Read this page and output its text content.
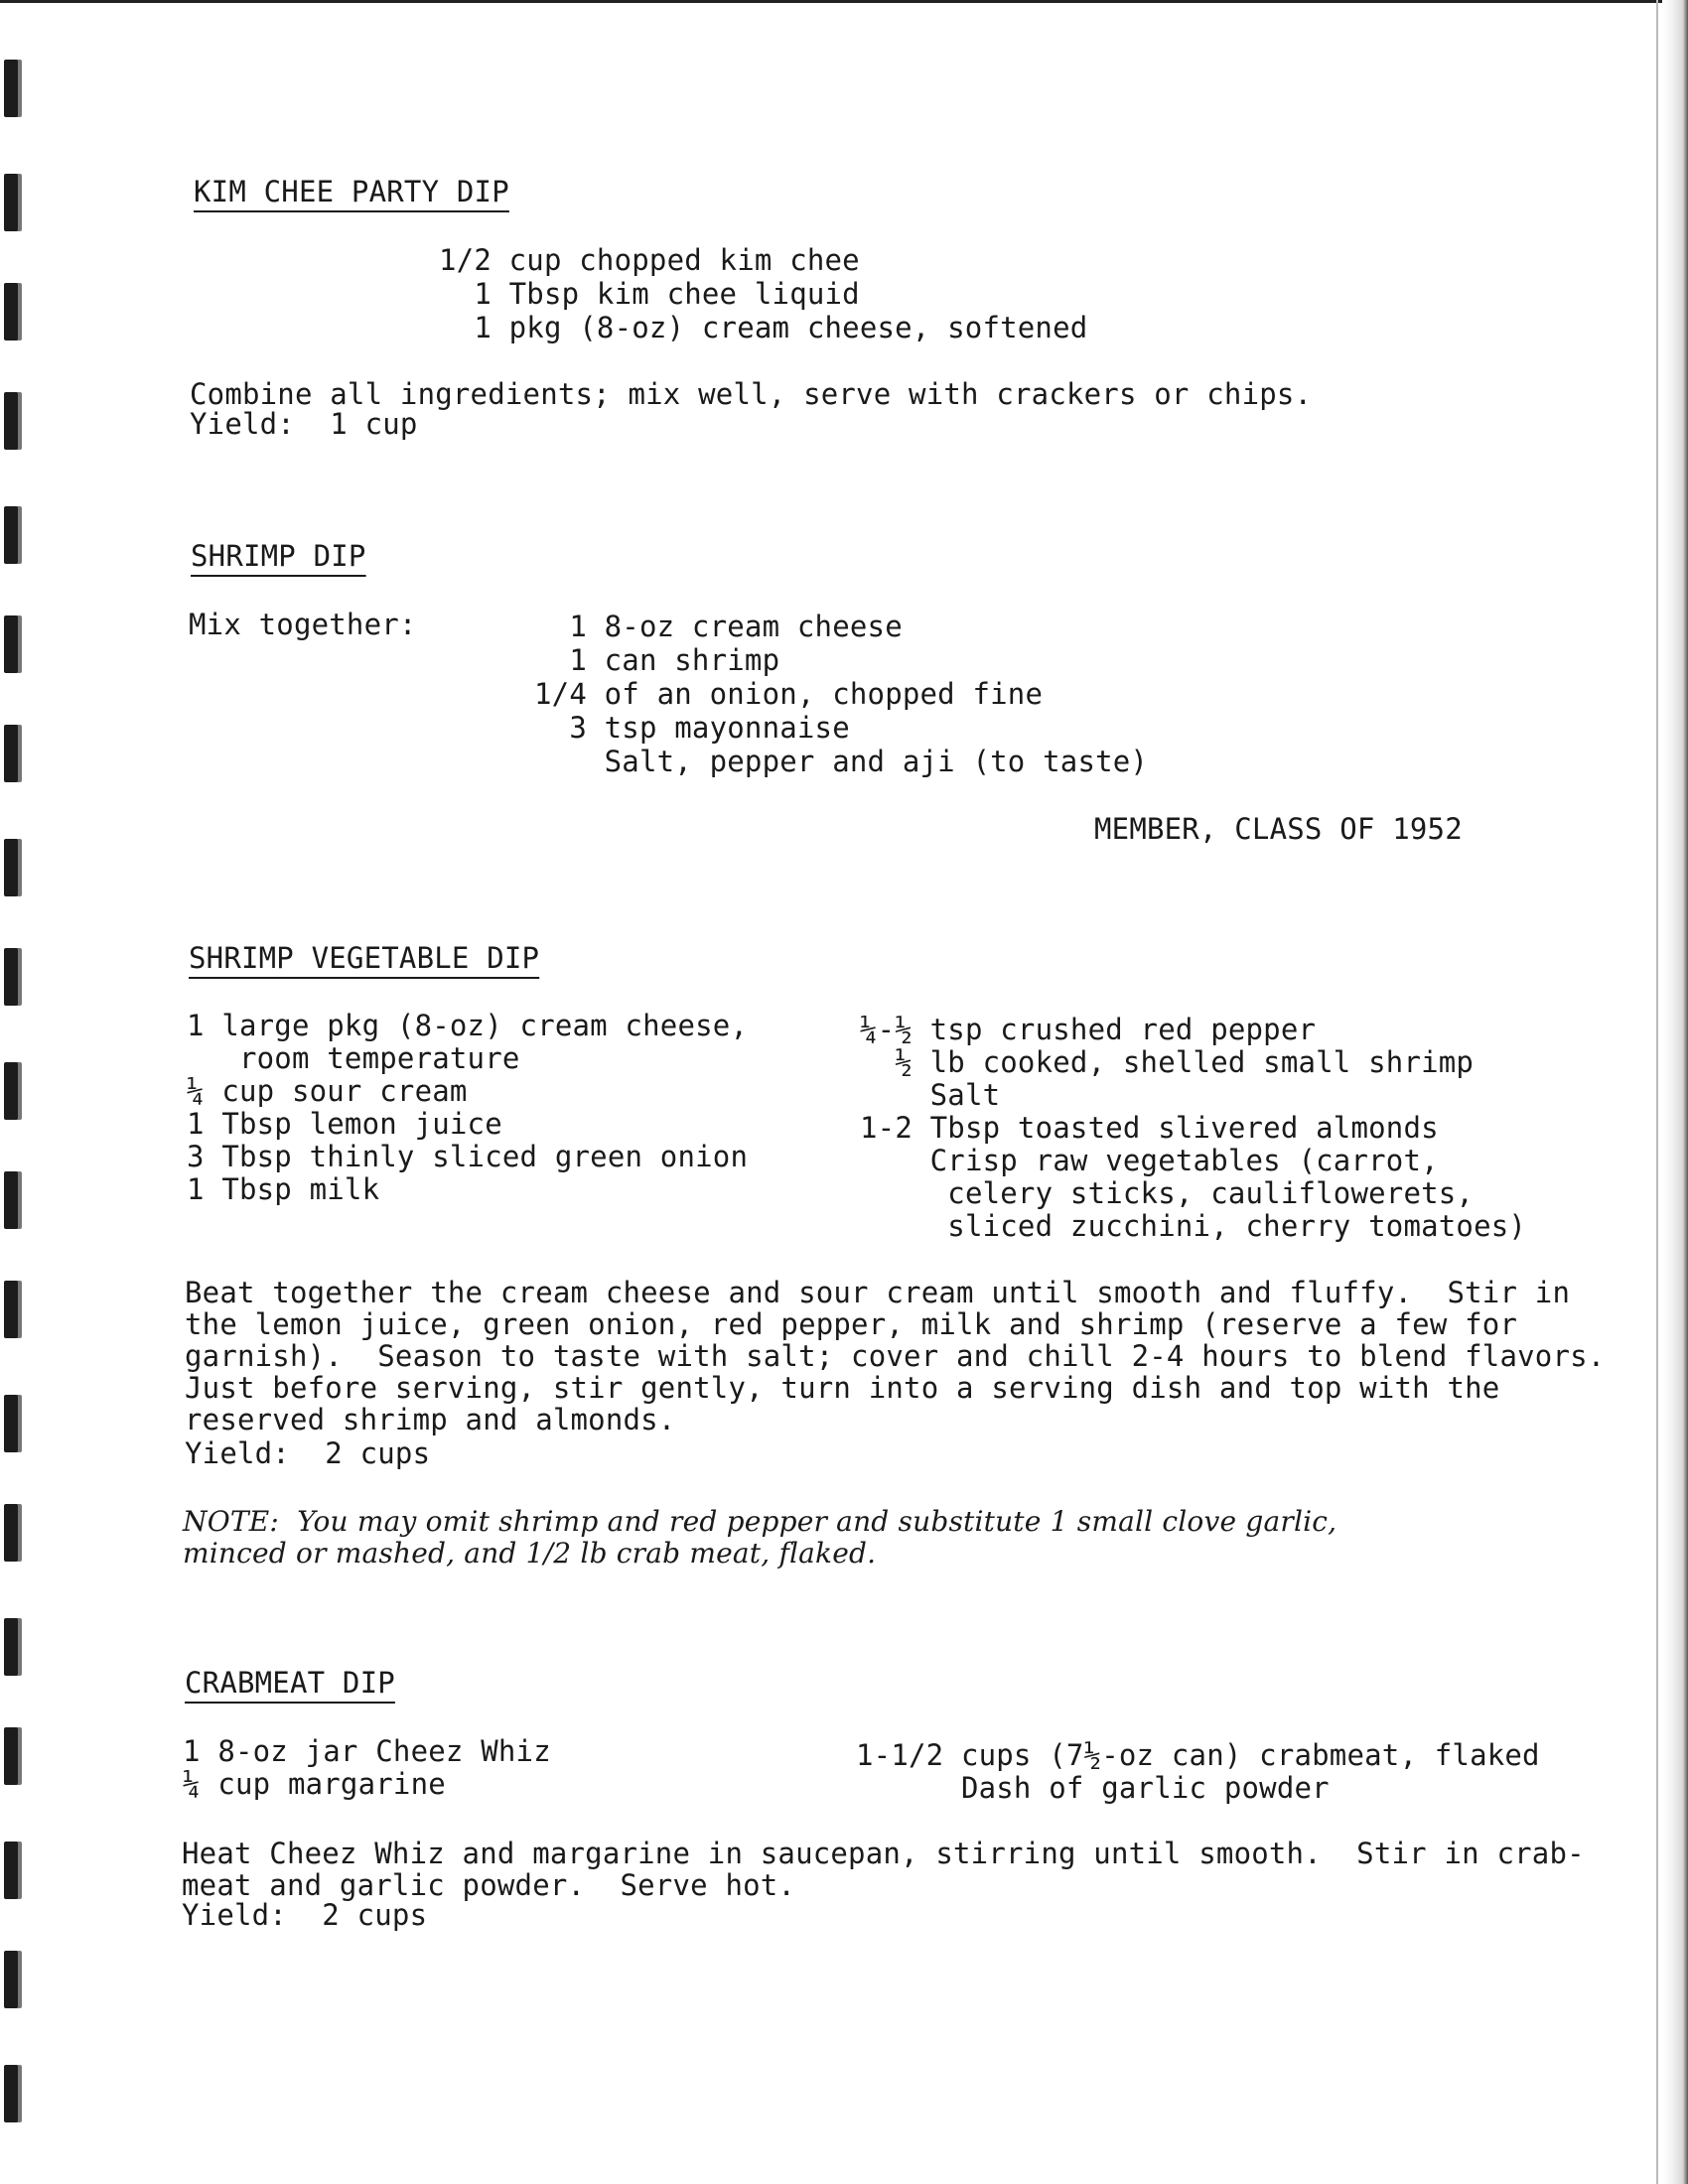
KIM CHEE PARTY DIP
1/2 cup chopped kim chee
1 Tbsp kim chee liquid
1 pkg (8-oz) cream cheese, softened
Combine all ingredients; mix well, serve with crackers or chips.
Yield:  1 cup
SHRIMP DIP
Mix together:	1 8-oz cream cheese
1 can shrimp
1/4 of an onion, chopped fine
3 tsp mayonnaise
Salt, pepper and aji (to taste)
MEMBER, CLASS OF 1952
SHRIMP VEGETABLE DIP
1 large pkg (8-oz) cream cheese,
room temperature
¼ cup sour cream
1 Tbsp lemon juice
3 Tbsp thinly sliced green onion
1 Tbsp milk
¼-½ tsp crushed red pepper
½ lb cooked, shelled small shrimp
Salt
1-2 Tbsp toasted slivered almonds
Crisp raw vegetables (carrot,
celery sticks, cauliflowerets,
sliced zucchini, cherry tomatoes)
Beat together the cream cheese and sour cream until smooth and fluffy.  Stir in
the lemon juice, green onion, red pepper, milk and shrimp (reserve a few for
garnish).  Season to taste with salt; cover and chill 2-4 hours to blend flavors.
Just before serving, stir gently, turn into a serving dish and top with the
reserved shrimp and almonds.
Yield:  2 cups
NOTE:  You may omit shrimp and red pepper and substitute 1 small clove garlic,
minced or mashed, and 1/2 lb crab meat, flaked.
CRABMEAT DIP
1 8-oz jar Cheez Whiz
¼ cup margarine
1-1/2 cups (7½-oz can) crabmeat, flaked
Dash of garlic powder
Heat Cheez Whiz and margarine in saucepan, stirring until smooth.  Stir in crab-
meat and garlic powder.  Serve hot.
Yield:  2 cups
